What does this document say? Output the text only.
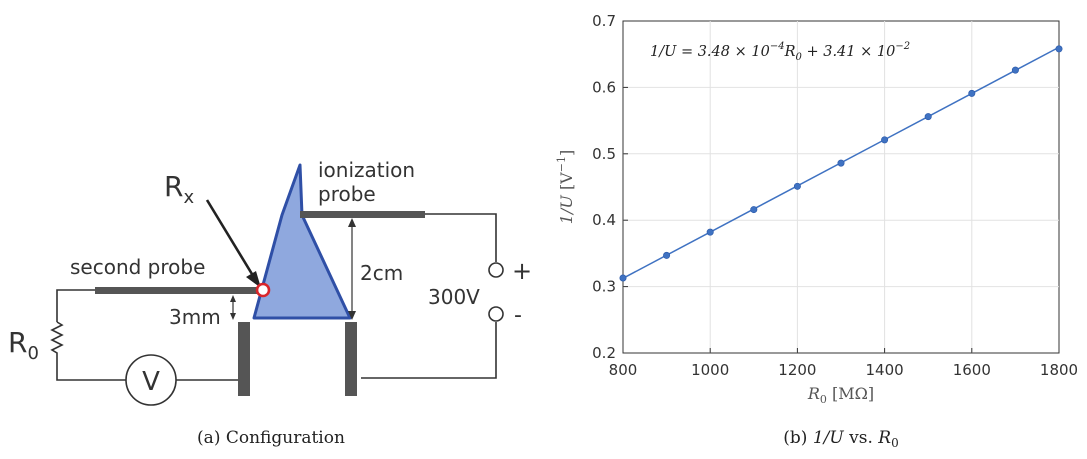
V
$R_x$
ionization
probe
second probe	2cm
3mm
300V
+
-
$R_0$
(a) Configuration
800	1000	1200	1400	1600	1800
0.2
0.3
0.4
0.5
0.6
0.7
$1/U = 3.48 \times 10^{-4}R_0 + 3.41 \times 10^{-2}$
$R_0$ [MΩ]
1/U $[V^{-1}]$
(b) 1/U vs. $R_0$
